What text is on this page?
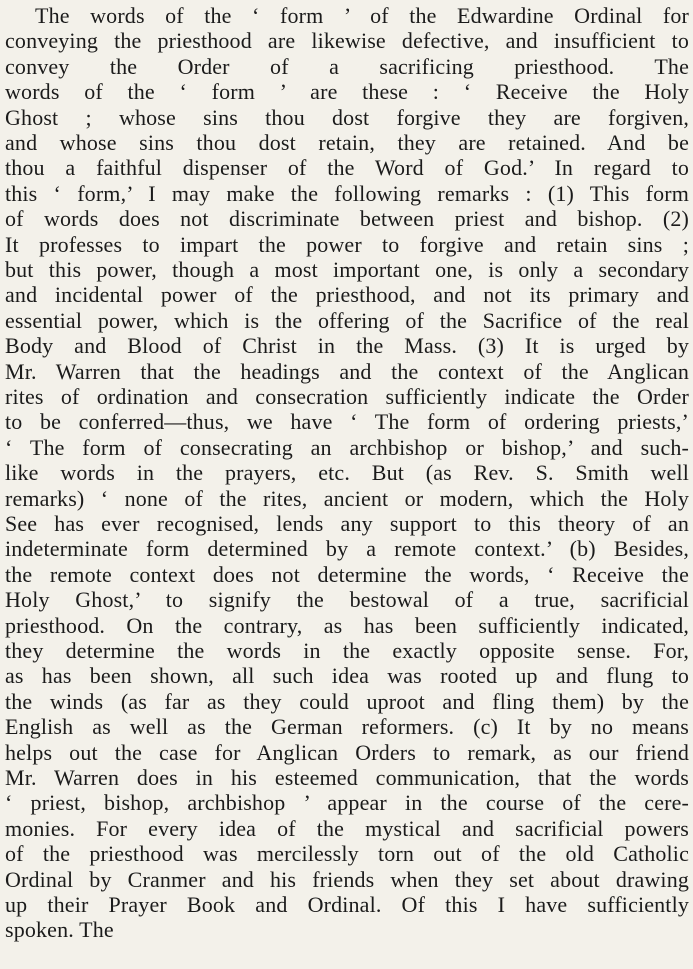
The words of the ‘ form ’ of the Edwardine Ordinal for
conveying the priesthood are likewise defective, and insufficient to
convey the Order of a sacrificing priesthood. The
words of the ‘ form ’ are these : ‘ Receive the Holy
Ghost ; whose sins thou dost forgive they are forgiven,
and whose sins thou dost retain, they are retained. And be
thou a faithful dispenser of the Word of God.’ In regard to
this ‘ form,’ I may make the following remarks : (1) This form
of words does not discriminate between priest and bishop. (2)
It professes to impart the power to forgive and retain sins ;
but this power, though a most important one, is only a secondary
and incidental power of the priesthood, and not its primary and
essential power, which is the offering of the Sacrifice of the real
Body and Blood of Christ in the Mass. (3) It is urged by
Mr. Warren that the headings and the context of the Anglican
rites of ordination and consecration sufficiently indicate the Order
to be conferred—thus, we have ‘ The form of ordering priests,’
‘ The form of consecrating an archbishop or bishop,’ and such-
like words in the prayers, etc. But (as Rev. S. Smith well
remarks) ‘ none of the rites, ancient or modern, which the Holy
See has ever recognised, lends any support to this theory of an
indeterminate form determined by a remote context.’ (b) Besides,
the remote context does not determine the words, ‘ Receive the
Holy Ghost,’ to signify the bestowal of a true, sacrificial
priesthood. On the contrary, as has been sufficiently indicated,
they determine the words in the exactly opposite sense. For,
as has been shown, all such idea was rooted up and flung to
the winds (as far as they could uproot and fling them) by the
English as well as the German reformers. (c) It by no means
helps out the case for Anglican Orders to remark, as our friend
Mr. Warren does in his esteemed communication, that the words
‘ priest, bishop, archbishop ’ appear in the course of the cere-
monies. For every idea of the mystical and sacrificial powers
of the priesthood was mercilessly torn out of the old Catholic
Ordinal by Cranmer and his friends when they set about drawing
up their Prayer Book and Ordinal. Of this I have sufficiently
spoken. The
